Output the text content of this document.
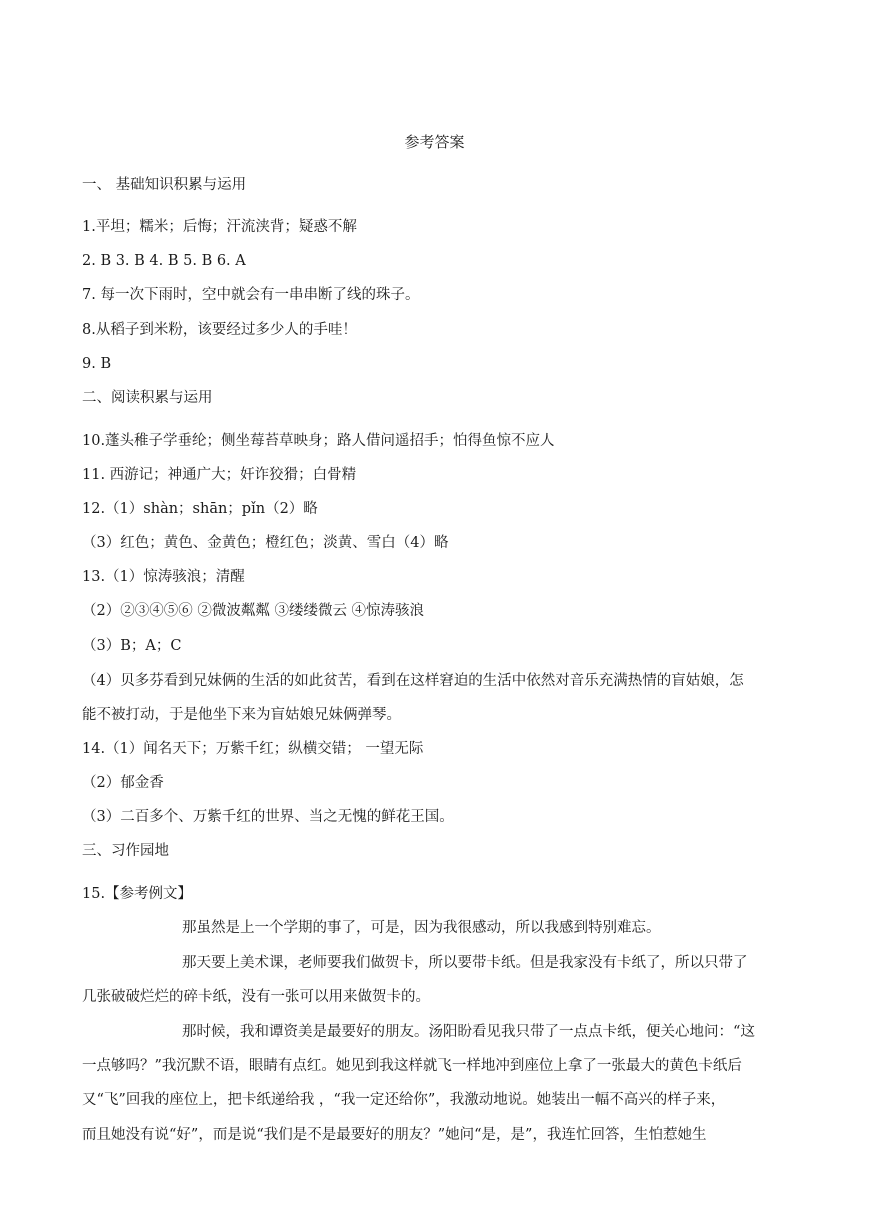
参考答案
一、 基础知识积累与运用
1.平坦；糯米；后悔；汗流浃背；疑惑不解
2. B 3. B 4. B 5. B 6. A
7. 每一次下雨时，空中就会有一串串断了线的珠子。
8.从稻子到米粉，该要经过多少人的手哇！
9. B
二、阅读积累与运用
10.蓬头稚子学垂纶；侧坐莓苔草映身；路人借问遥招手；怕得鱼惊不应人
11. 西游记；神通广大；奸诈狡猾；白骨精
12.（1）shàn；shān；pǐn（2）略
（3）红色；黄色、金黄色；橙红色；淡黄、雪白（4）略
13.（1）惊涛骇浪；清醒
（2）②③④⑤⑥ ②微波粼粼 ③缕缕微云 ④惊涛骇浪
（3）B；A；C
（4）贝多芬看到兄妹俩的生活的如此贫苦，看到在这样窘迫的生活中依然对音乐充满热情的盲姑娘，怎
能不被打动，于是他坐下来为盲姑娘兄妹俩弹琴。
14.（1）闻名天下；万紫千红；纵横交错； 一望无际
（2）郁金香
（3）二百多个、万紫千红的世界、当之无愧的鲜花王国。
三、习作园地
15.【参考例文】
那虽然是上一个学期的事了，可是，因为我很感动，所以我感到特别难忘。
那天要上美术课，老师要我们做贺卡，所以要带卡纸。但是我家没有卡纸了，所以只带了
几张破破烂烂的碎卡纸，没有一张可以用来做贺卡的。
那时候，我和谭资美是最要好的朋友。汤阳盼看见我只带了一点点卡纸，便关心地问：“这
一点够吗？”我沉默不语，眼睛有点红。她见到我这样就飞一样地冲到座位上拿了一张最大的黄色卡纸后
又“飞”回我的座位上，把卡纸递给我 ，“我一定还给你”，我激动地说。她装出一幅不高兴的样子来，
而且她没有说“好”，而是说“我们是不是最要好的朋友？”她问“是，是”，我连忙回答，生怕惹她生
